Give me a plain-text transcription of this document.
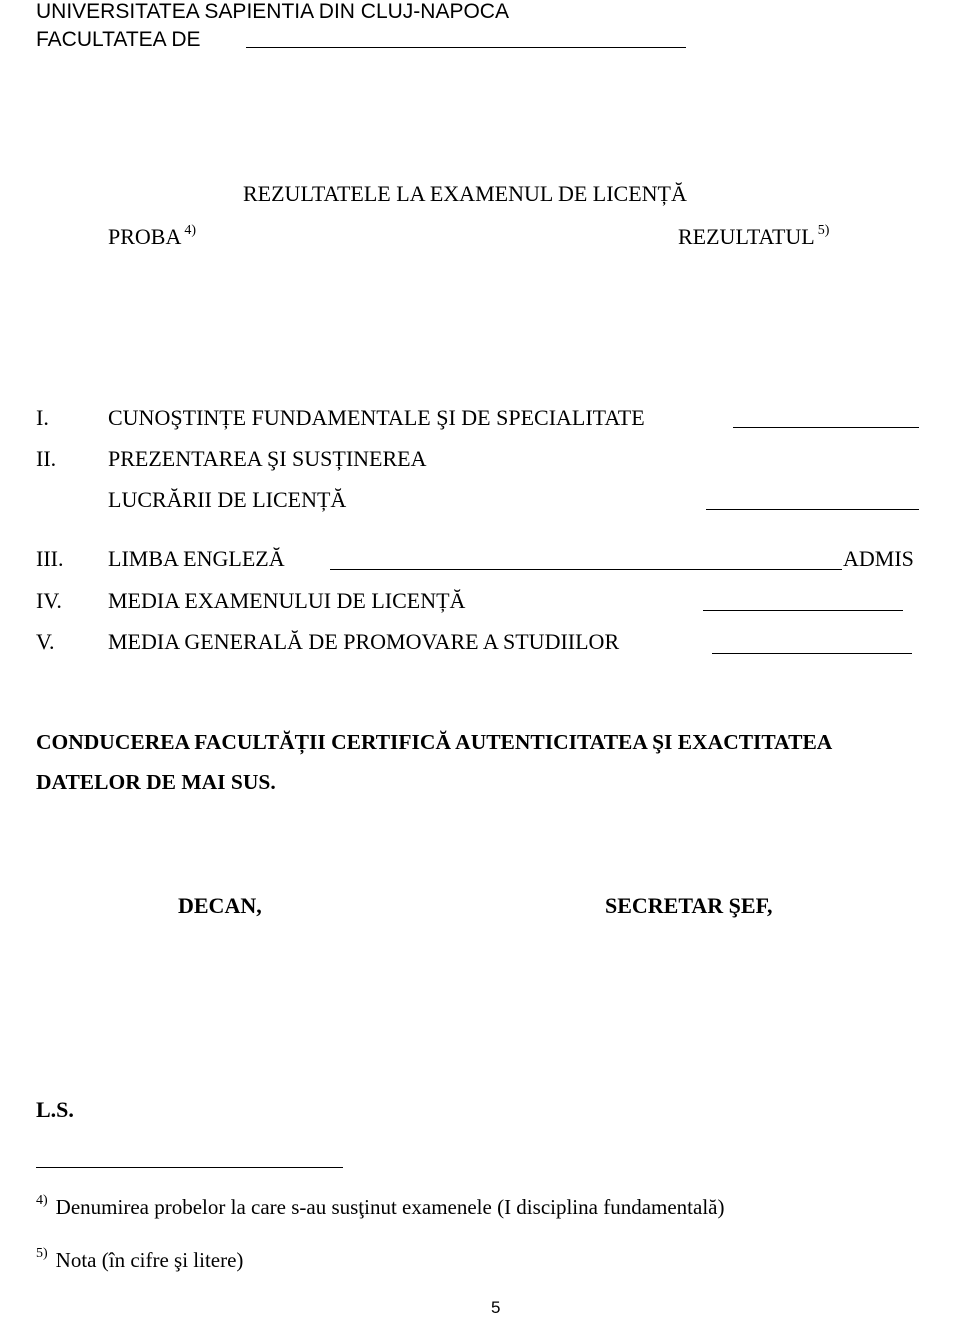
UNIVERSITATEA SAPIENTIA DIN CLUJ-NAPOCA
FACULTATEA DE
REZULTATELE LA EXAMENUL DE LICENȚĂ
PROBA $^{4)}$	REZULTATUL $^{5)}$
I.	CUNOŞTINȚE FUNDAMENTALE ŞI DE SPECIALITATE
II. PREZENTAREA ŞI SUSȚINEREA
LUCRĂRII DE LICENȚĂ
III. LIMBA ENGLEZĂ	ADMIS
IV. MEDIA EXAMENULUI DE LICENȚĂ
V. MEDIA GENERALĂ DE PROMOVARE A STUDIILOR
CONDUCEREA FACULTĂȚII CERTIFICĂ AUTENTICITATEA ŞI EXACTITATEA
DATELOR DE MAI SUS.
DECAN,	SECRETAR ŞEF,
L.S.
$^{4)}$ Denumirea probelor la care s-au susţinut examenele (I disciplina fundamentală)
$^{5)}$ Nota (în cifre şi litere)
5
